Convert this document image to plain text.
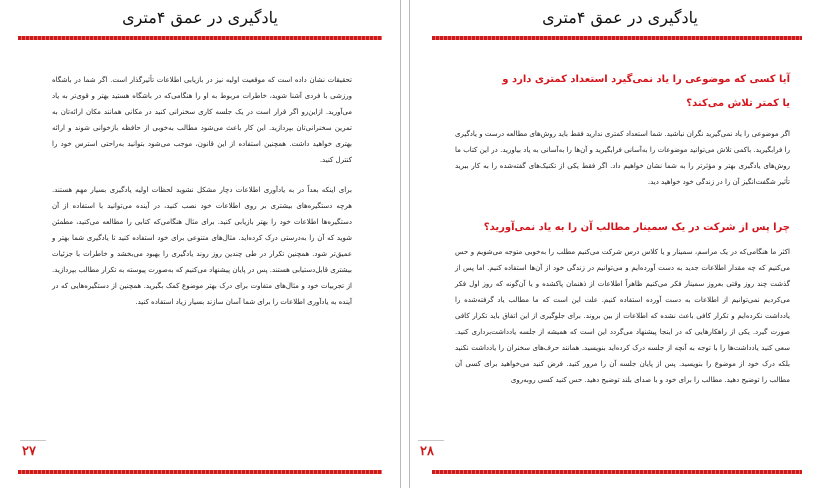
یادگیری در عمق ۴متری

تحقیقات نشان داده است که موقعیت اولیه نیز در بازیابی اطلاعات تأثیرگذار است. اگر شما در باشگاه ورزشی با فردی آشنا شوید، خاطرات مربوط به او را هنگامی‌که در باشگاه هستید بهتر و قوی‌تر به یاد می‌آورید. ازاین‌رو اگر قرار است در یک جلسه کاری سخنرانی کنید در مکانی همانند مکان ارائه‌تان به تمرین سخنرانی‌تان بپردازید. این کار باعث می‌شود مطالب به‌خوبی از حافظه بازخوانی شوند و ارائه بهتری خواهید داشت. همچنین استفاده از این قانون، موجب می‌شود بتوانید به‌راحتی استرس خود را کنترل کنید.

برای اینکه بعداً در به یادآوری اطلاعات دچار مشکل نشوید لحظات اولیه یادگیری بسیار مهم هستند. هرچه دستگیره‌های بیشتری بر روی اطلاعات خود نصب کنید، در آینده می‌توانید با استفاده از آن دستگیره‌ها اطلاعات خود را بهتر بازیابی کنید. برای مثال هنگامی‌که کتابی را مطالعه می‌کنید، مطمئن شوید که آن را به‌درستی درک کرده‌اید. مثال‌های متنوعی برای خود استفاده کنید تا یادگیری شما بهتر و عمیق‌تر شود. همچنین تکرار در طی چندین روز روند یادگیری را بهبود می‌بخشد و خاطرات با جزئیات بیشتری قابل‌دستیابی هستند. پس در پایان پیشنهاد می‌کنیم که به‌صورت پیوسته به تکرار مطالب بپردازید. از تجربیات خود و مثال‌های متفاوت برای درک بهتر موضوع کمک بگیرید. همچنین از دستگیره‌هایی که در آینده به یادآوری اطلاعات را برای شما آسان سازند بسیار زیاد استفاده کنید.

۲۷
یادگیری در عمق ۴متری
آیا کسی که موضوعی را یاد نمی‌گیرد استعداد کمتری دارد و یا کمتر تلاش می‌کند؟
اگر موضوعی را یاد نمی‌گیرید نگران نباشید. شما استعداد کمتری ندارید فقط باید روش‌های مطالعه درست و یادگیری را فرابگیرید. باکمی تلاش می‌توانید موضوعات را به‌آسانی فرابگیرید و آن‌ها را به‌آسانی به یاد بیاورید. در این کتاب ما روش‌های یادگیری بهتر و مؤثرتر را به شما نشان خواهیم داد. اگر فقط یکی از تکنیک‌های گفته‌شده را به کار ببرید تأثیر شگفت‌انگیز آن را در زندگی خود خواهید دید.
چرا پس از شرکت در یک سمینار مطالب آن را به یاد نمی‌آورید؟
اکثر ما هنگامی‌که در یک مراسم، سمینار و یا کلاس درس شرکت می‌کنیم مطلب را به‌خوبی متوجه می‌شویم و حس می‌کنیم که چه مقدار اطلاعات جدید به دست آورده‌ایم و می‌توانیم در زندگی خود از آن‌ها استفاده کنیم. اما پس از گذشت چند روز وقتی بعروز سمینار فکر می‌کنیم ظاهراً اطلاعات از ذهنمان پاکشده و یا آن‌گونه که روز اول فکر می‌کردیم نمی‌توانیم از اطلاعات به دست آورده استفاده کنیم. علت این است که ما مطالب یاد گرفته‌شده را یادداشت نکرده‌ایم و تکرار کافی باعث نشده که اطلاعات از بین بروند. برای جلوگیری از این اتفاق باید تکرار کافی صورت گیرد. یکی از راهکارهایی که در اینجا پیشنهاد می‌گردد این است که همیشه از جلسه یادداشت‌برداری کنید. سعی کنید یادداشت‌ها را با توجه به آنچه از جلسه درک کرده‌اید بنویسید. همانند حرف‌های سخنران را یادداشت نکنید بلکه درک خود از موضوع را بنویسید. پس از پایان جلسه آن را مرور کنید. فرض کنید می‌خواهید برای کسی آن مطالب را توضیح دهید. مطالب را برای خود و با صدای بلند توضیح دهید. حس کنید کسی روبه‌روی
۲۸
